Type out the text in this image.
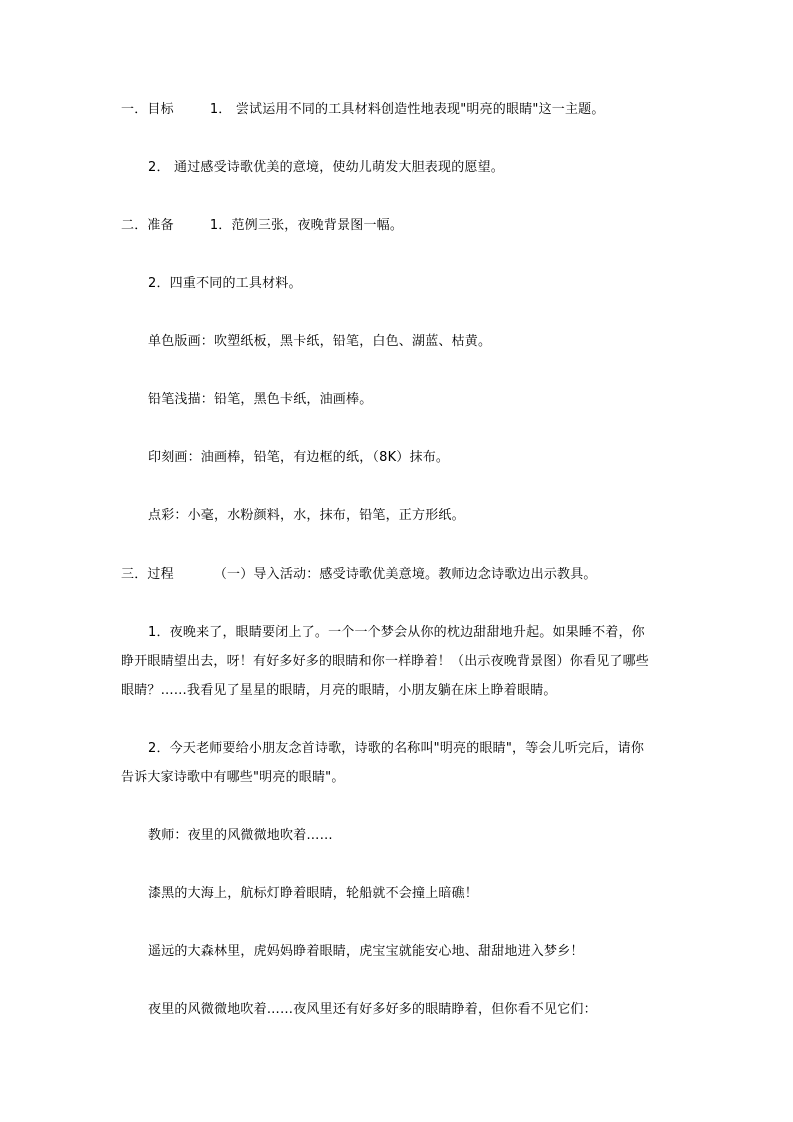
一．目标	1． 尝试运用不同的工具材料创造性地表现"明亮的眼睛"这一主题。
2． 通过感受诗歌优美的意境，使幼儿萌发大胆表现的愿望。
二．准备	1．范例三张，夜晚背景图一幅。
2．四重不同的工具材料。
单色版画：吹塑纸板，黑卡纸，铅笔，白色、湖蓝、枯黄。
铅笔浅描：铅笔，黑色卡纸，油画棒。
印刻画：油画棒，铅笔，有边框的纸，（8K）抹布。
点彩：小毫，水粉颜料，水，抹布，铅笔，正方形纸。
三．过程	（一）导入活动：感受诗歌优美意境。教师边念诗歌边出示教具。
1．夜晚来了，眼睛要闭上了。一个一个梦会从你的枕边甜甜地升起。如果睡不着，你
睁开眼睛望出去，呀！有好多好多的眼睛和你一样睁着！（出示夜晚背景图）你看见了哪些
眼睛？……我看见了星星的眼睛，月亮的眼睛，小朋友躺在床上睁着眼睛。
2．今天老师要给小朋友念首诗歌，诗歌的名称叫"明亮的眼睛"，等会儿听完后，请你
告诉大家诗歌中有哪些"明亮的眼睛"。
教师：夜里的风微微地吹着……
漆黑的大海上，航标灯睁着眼睛，轮船就不会撞上暗礁！
遥远的大森林里，虎妈妈睁着眼睛，虎宝宝就能安心地、甜甜地进入梦乡！
夜里的风微微地吹着……夜风里还有好多好多的眼睛睁着，但你看不见它们：
